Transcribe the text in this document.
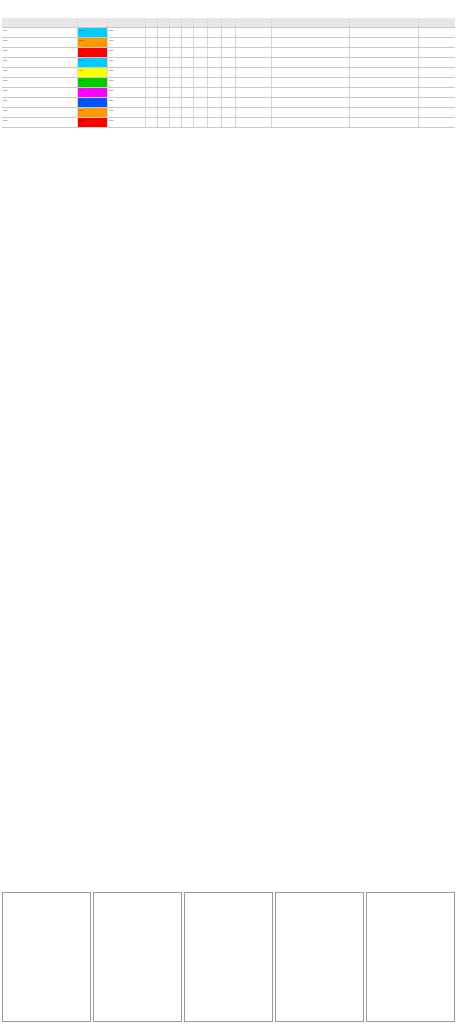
—	—	—
—	—	—
—	—	—
—	—	—
—	—	—
—	—	—
—	—	—
—	—	—
—	—	—
—	—	—
